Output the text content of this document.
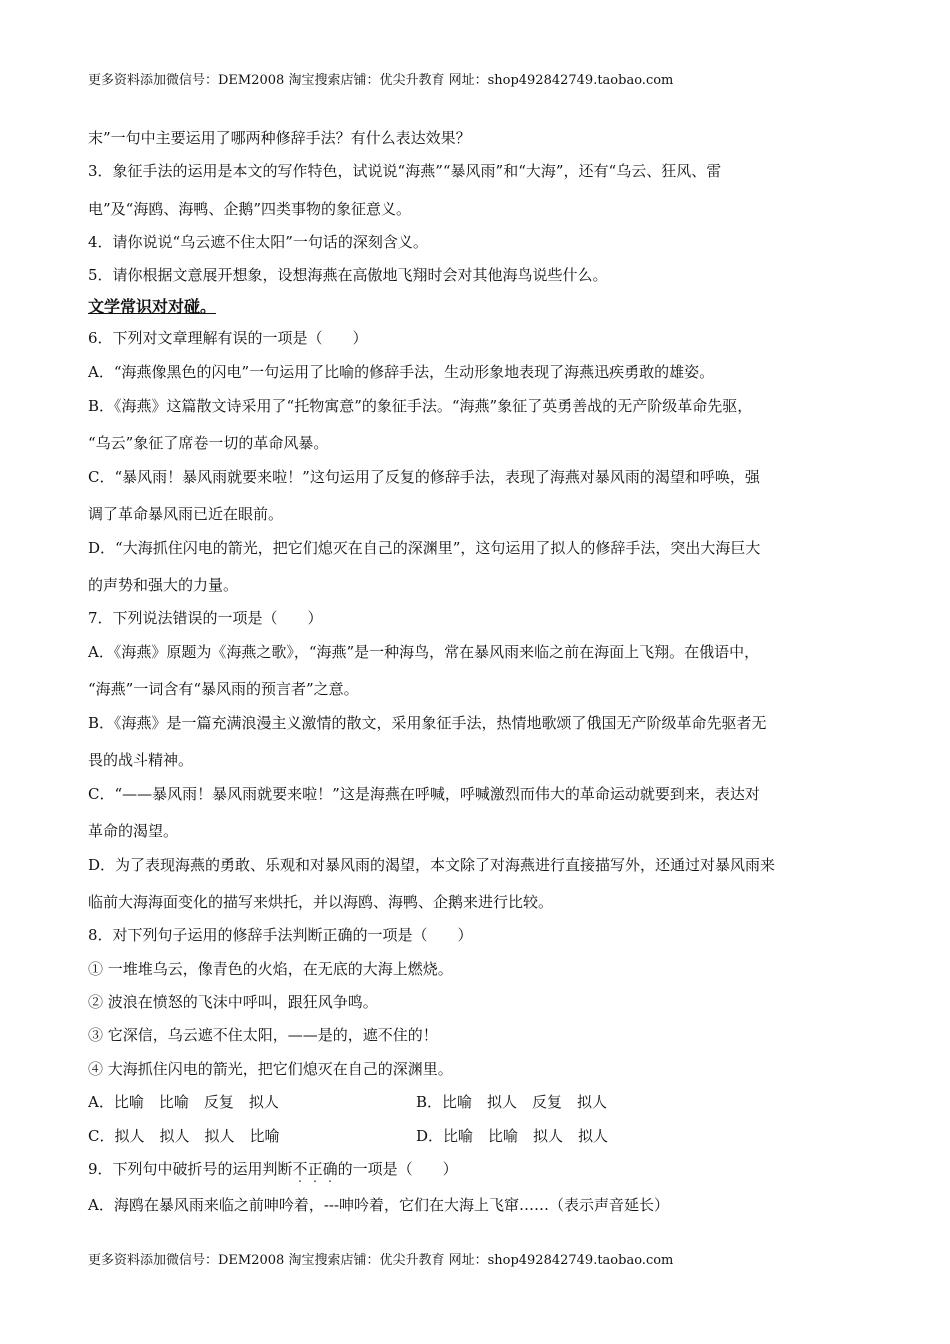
更多资料添加微信号：DEM2008 淘宝搜索店铺：优尖升教育 网址：shop492842749.taobao.com
末”一句中主要运用了哪两种修辞手法？有什么表达效果？
3．象征手法的运用是本文的写作特色，试说说“海燕”“暴风雨”和“大海”，还有“乌云、狂风、雷
电”及“海鸥、海鸭、企鹅”四类事物的象征意义。
4．请你说说“乌云遮不住太阳”一句话的深刻含义。
5．请你根据文意展开想象，设想海燕在高傲地飞翔时会对其他海鸟说些什么。
文学常识对对碰。
6．下列对文章理解有误的一项是（　　）
A．“海燕像黑色的闪电”一句运用了比喻的修辞手法，生动形象地表现了海燕迅疾勇敢的雄姿。
B．《海燕》这篇散文诗采用了“托物寓意”的象征手法。“海燕”象征了英勇善战的无产阶级革命先驱，
“乌云”象征了席卷一切的革命风暴。
C．“暴风雨！暴风雨就要来啦！”这句运用了反复的修辞手法，表现了海燕对暴风雨的渴望和呼唤，强
调了革命暴风雨已近在眼前。
D．“大海抓住闪电的箭光，把它们熄灭在自己的深渊里”，这句运用了拟人的修辞手法，突出大海巨大
的声势和强大的力量。
7．下列说法错误的一项是（　　）
A．《海燕》原题为《海燕之歌》，“海燕”是一种海鸟，常在暴风雨来临之前在海面上飞翔。在俄语中，
“海燕”一词含有“暴风雨的预言者”之意。
B．《海燕》是一篇充满浪漫主义激情的散文，采用象征手法，热情地歌颂了俄国无产阶级革命先驱者无
畏的战斗精神。
C．“——暴风雨！暴风雨就要来啦！”这是海燕在呼喊，呼喊激烈而伟大的革命运动就要到来，表达对
革命的渴望。
D．为了表现海燕的勇敢、乐观和对暴风雨的渴望，本文除了对海燕进行直接描写外，还通过对暴风雨来
临前大海海面变化的描写来烘托，并以海鸥、海鸭、企鹅来进行比较。
8．对下列句子运用的修辞手法判断正确的一项是（　　）
① 一堆堆乌云，像青色的火焰，在无底的大海上燃烧。
② 波浪在愤怒的飞沫中呼叫，跟狂风争鸣。
③ 它深信，乌云遮不住太阳，——是的，遮不住的！
④ 大海抓住闪电的箭光，把它们熄灭在自己的深渊里。
A．比喻　比喻　反复　拟人	B．比喻　拟人　反复　拟人
C．拟人　拟人　拟人　比喻	D．比喻　比喻　拟人　拟人
9．下列句中破折号的运用判断不正确的一项是（　　）
A．海鸥在暴风雨来临之前呻吟着，---呻吟着，它们在大海上飞窜……（表示声音延长）
更多资料添加微信号：DEM2008 淘宝搜索店铺：优尖升教育 网址：shop492842749.taobao.com
